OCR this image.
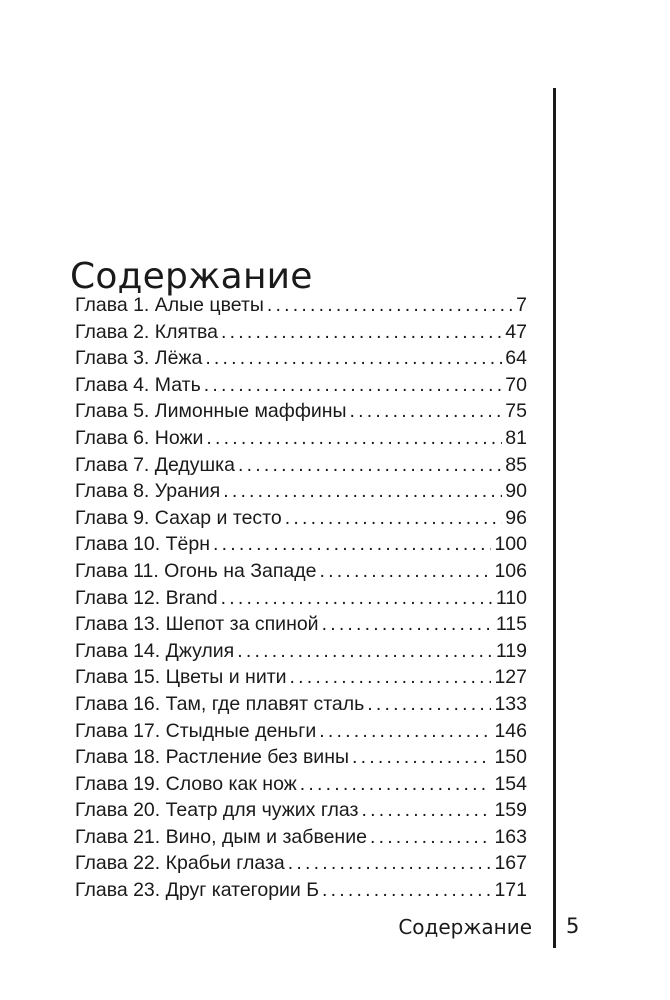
Содержание
Глава 1. Алые цветы .....	7
Глава 2. Клятва .....	47
Глава 3. Лёжа .....	64
Глава 4. Мать .....	70
Глава 5. Лимонные маффины .....	75
Глава 6. Ножи .....	81
Глава 7. Дедушка .....	85
Глава 8. Урания .....	90
Глава 9. Сахар и тесто .....	96
Глава 10. Тёрн .....	100
Глава 11. Огонь на Западе .....	106
Глава 12. Brand .....	110
Глава 13. Шепот за спиной .....	115
Глава 14. Джулия .....	119
Глава 15. Цветы и нити .....	127
Глава 16. Там, где плавят сталь .....	133
Глава 17. Стыдные деньги .....	146
Глава 18. Растление без вины .....	150
Глава 19. Слово как нож .....	154
Глава 20. Театр для чужих глаз .....	159
Глава 21. Вино, дым и забвение .....	163
Глава 22. Крабьи глаза .....	167
Глава 23. Друг категории Б .....	171
Содержание 5
